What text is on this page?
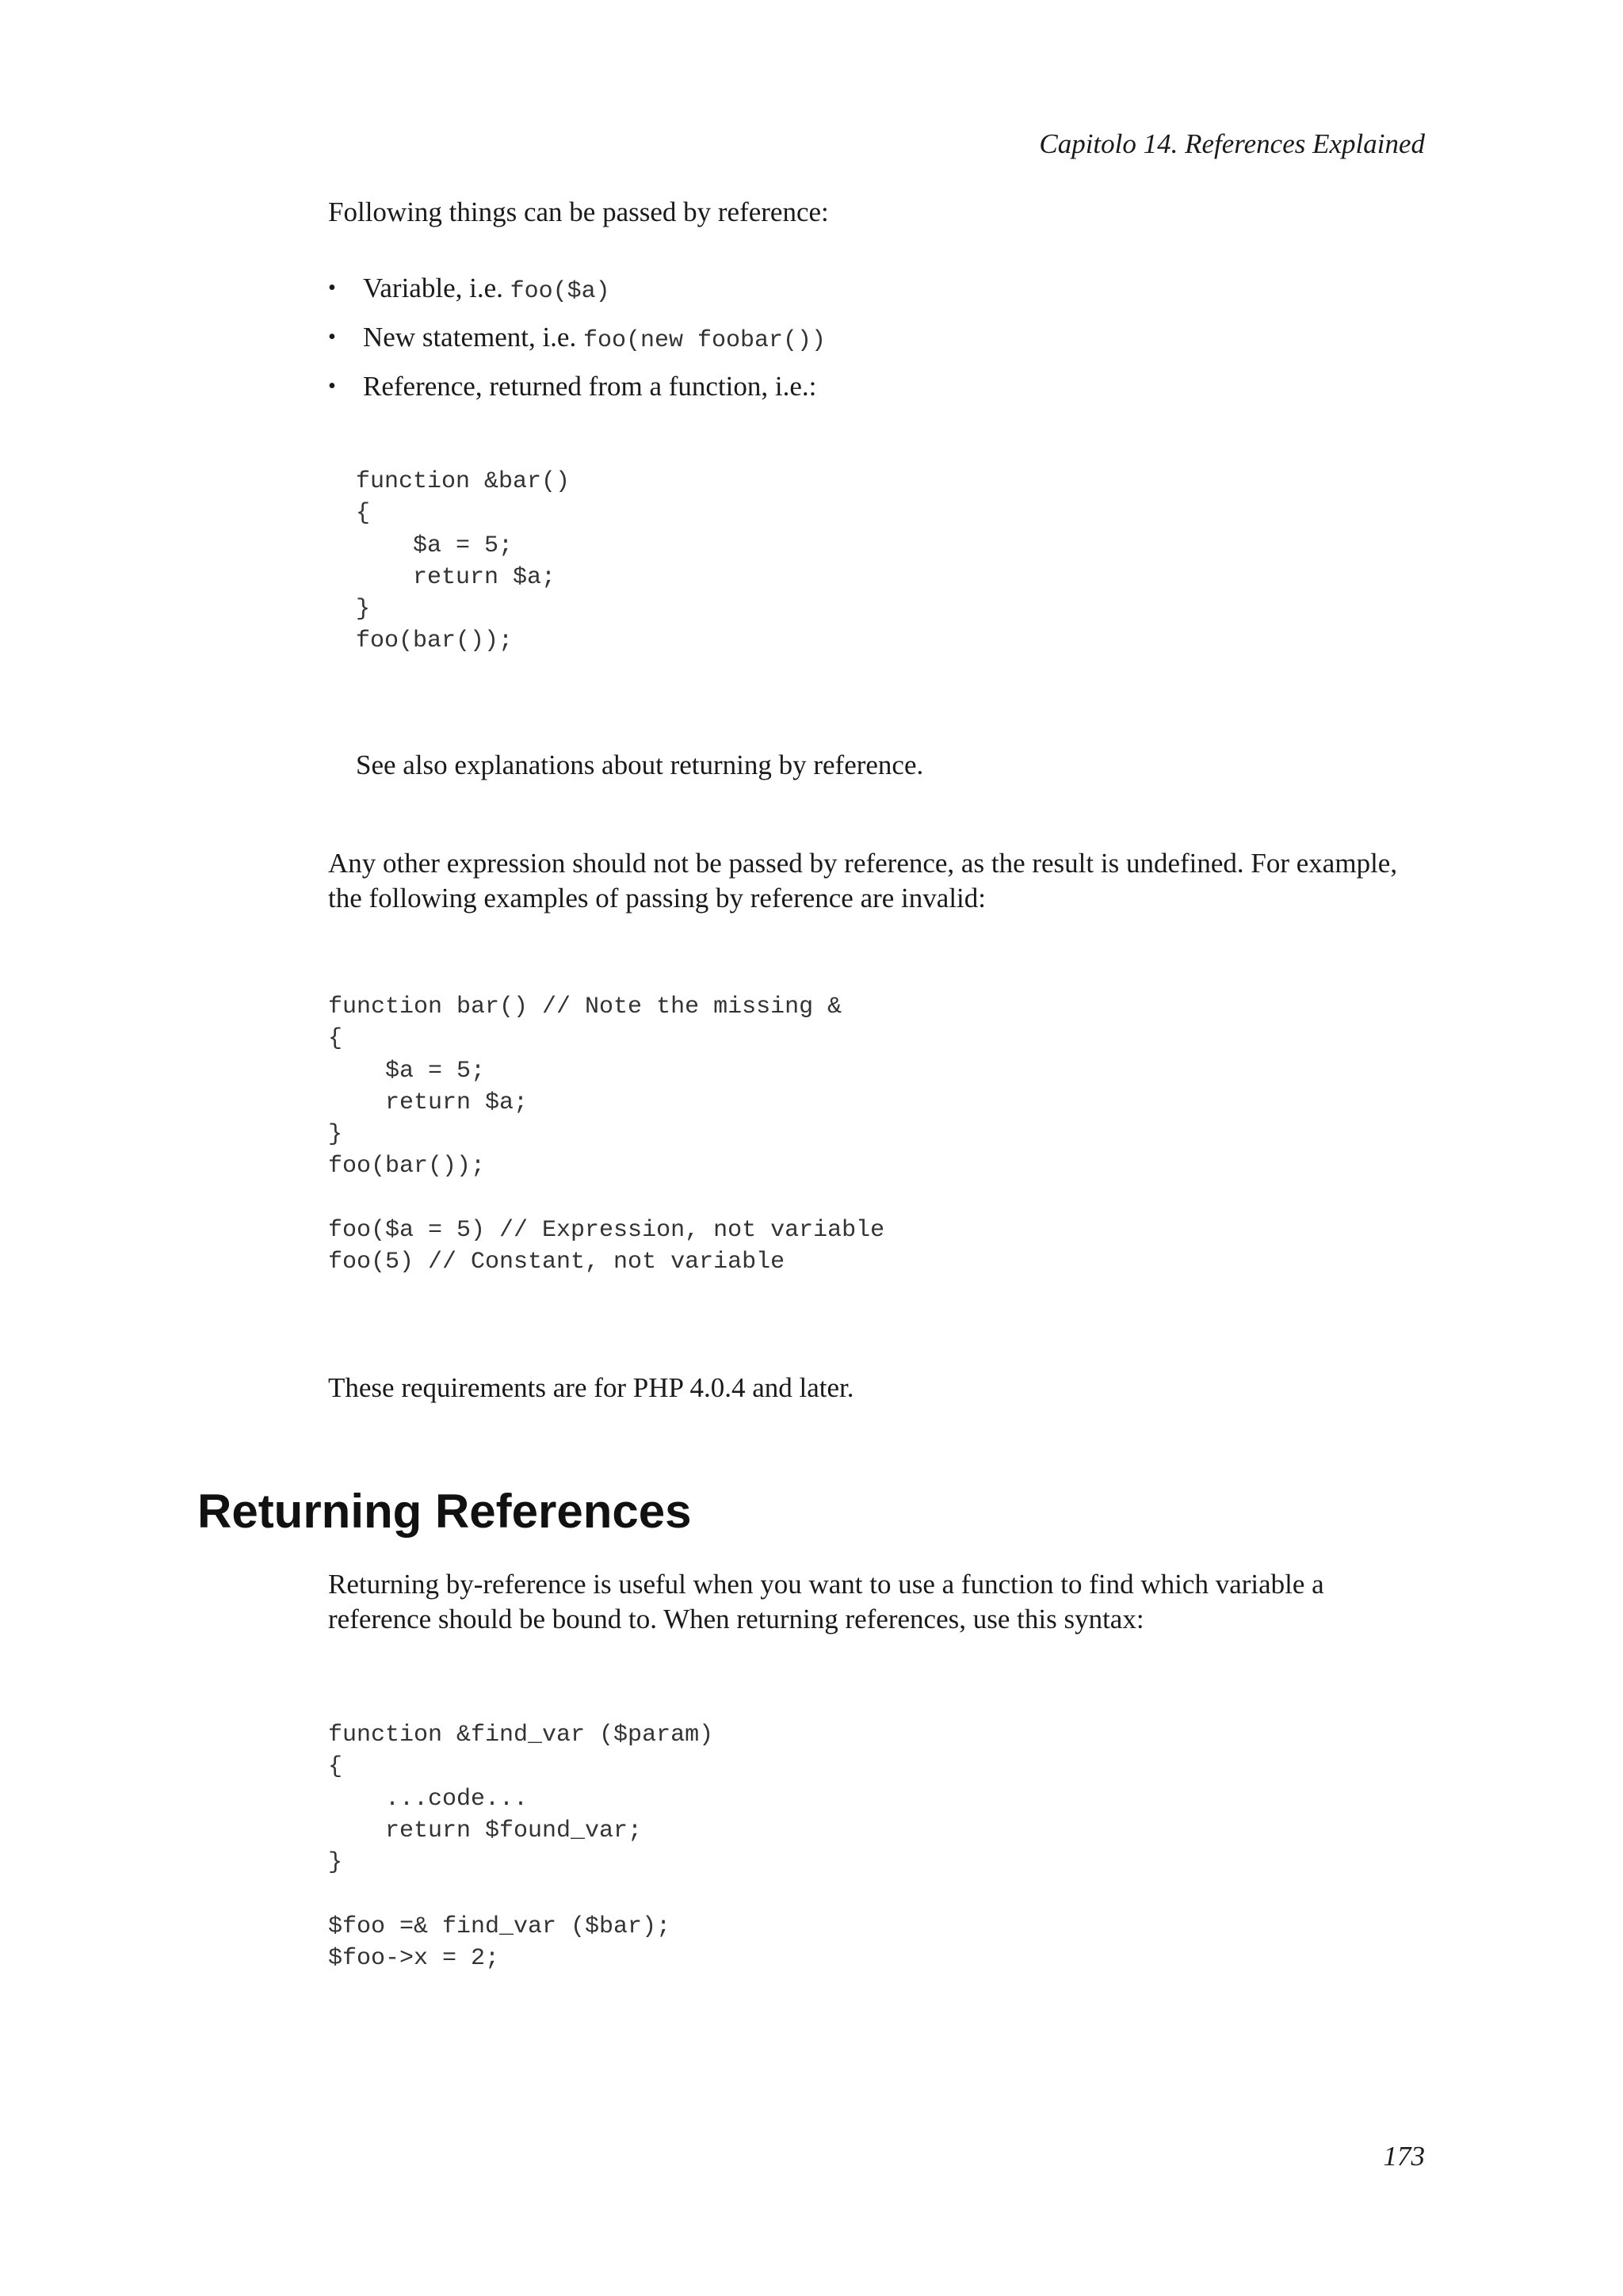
Capitolo 14. References Explained

Following things can be passed by reference:

• Variable, i.e. foo($a)
• New statement, i.e. foo(new foobar())
• Reference, returned from a function, i.e.:
function &bar()
{
$a = 5;
return $a;
}
foo(bar());

See also explanations about returning by reference.

Any other expression should not be passed by reference, as the result is undefined. For example, the following examples of passing by reference are invalid:

function bar() // Note the missing &
{
$a = 5;
return $a;
}
foo(bar());

foo($a = 5) // Expression, not variable
foo(5) // Constant, not variable

These requirements are for PHP 4.0.4 and later.

Returning References

Returning by-reference is useful when you want to use a function to find which variable a reference should be bound to. When returning references, use this syntax:

function &find_var ($param)
{
...code...
return $found_var;
}

$foo =& find_var ($bar);
$foo->x = 2;
173
